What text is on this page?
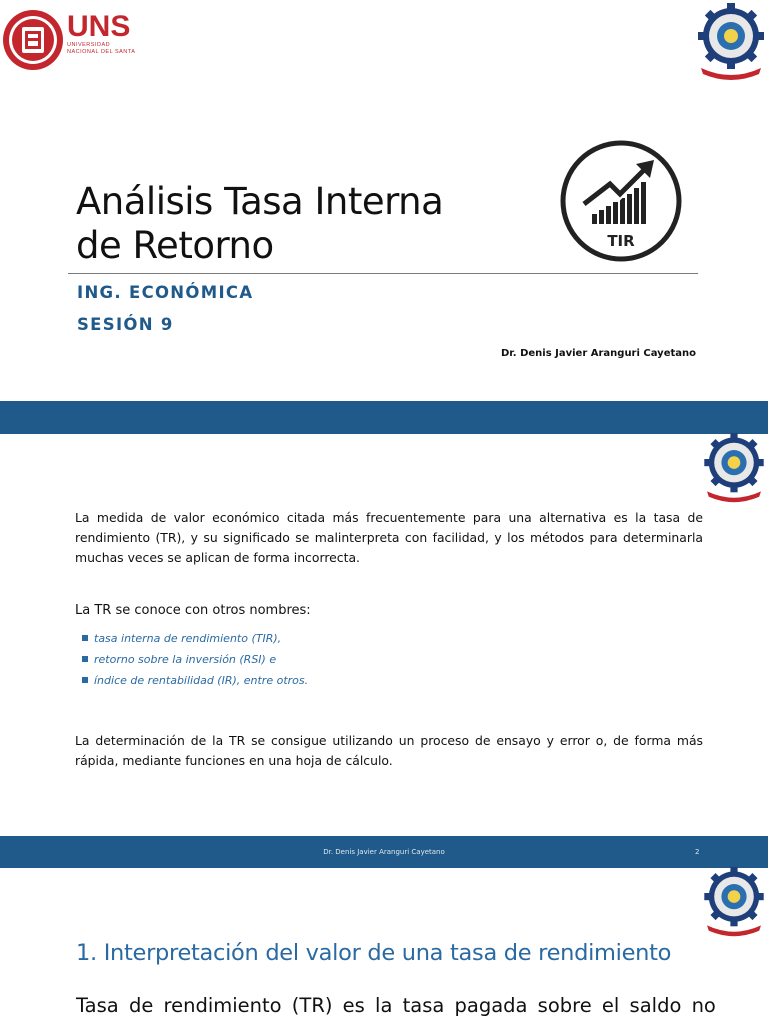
UNS
UNIVERSIDAD
NACIONAL DEL SANTA
Análisis Tasa Interna
de Retorno
ING. ECONÓMICA
SESIÓN 9
Dr. Denis Javier Aranguri Cayetano
TIR
La medida de valor económico citada más frecuentemente para una alternativa es la tasa de rendimiento (TR), y su significado se malinterpreta con facilidad, y los métodos para determinarla muchas veces se aplican de forma incorrecta.
La TR se conoce con otros nombres:
tasa interna de rendimiento (TIR),
retorno sobre la inversión (RSI) e
índice de rentabilidad (IR), entre otros.
La determinación de la TR se consigue utilizando un proceso de ensayo y error o, de forma más rápida, mediante funciones en una hoja de cálculo.
Dr. Denis Javier Aranguri Cayetano	2
1. Interpretación del valor de una tasa de rendimiento
Tasa de rendimiento (TR) es la tasa pagada sobre el saldo no
